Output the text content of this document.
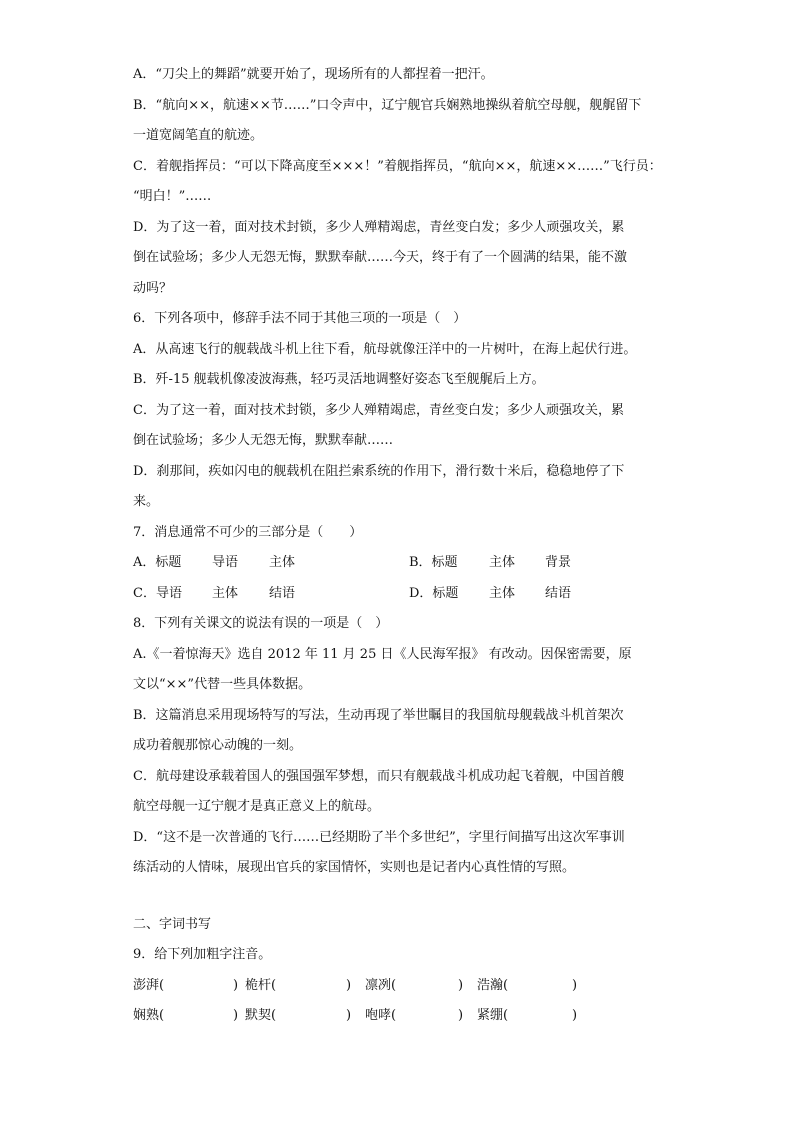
A．“刀尖上的舞蹈”就要开始了，现场所有的人都捏着一把汗。
B．“航向××，航速××节……”口令声中，辽宁舰官兵娴熟地操纵着航空母舰，舰艉留下
一道宽阔笔直的航迹。
C．着舰指挥员：“可以下降高度至×××！”着舰指挥员，“航向××，航速××……”飞行员：
“明白！”……
D．为了这一着，面对技术封锁，多少人殚精竭虑，青丝变白发；多少人顽强攻关，累
倒在试验场；多少人无怨无悔，默默奉献……今天，终于有了一个圆满的结果，能不激
动吗？
6．下列各项中，修辞手法不同于其他三项的一项是（　）
A．从高速飞行的舰载战斗机上往下看，航母就像汪洋中的一片树叶，在海上起伏行进。
B．歼-15 舰载机像凌波海燕，轻巧灵活地调整好姿态飞至舰艉后上方。
C．为了这一着，面对技术封锁，多少人殚精竭虑，青丝变白发；多少人顽强攻关，累
倒在试验场；多少人无怨无悔，默默奉献……
D．刹那间，疾如闪电的舰载机在阻拦索系统的作用下，滑行数十米后，稳稳地停了下
来。
7．消息通常不可少的三部分是（　　）
A．标题 导语 主体	B．标题 主体 背景
C．导语 主体 结语	D．标题 主体 结语
8．下列有关课文的说法有误的一项是（　）
A.《一着惊海天》选自 2012 年 11 月 25 日《人民海军报》 有改动。因保密需要，原
文以“××”代替一些具体数据。
B．这篇消息采用现场特写的写法，生动再现了举世瞩目的我国航母舰载战斗机首架次
成功着舰那惊心动魄的一刻。
C．航母建设承载着国人的强国强军梦想，而只有舰载战斗机成功起飞着舰，中国首艘
航空母舰一辽宁舰才是真正意义上的航母。
D．“这不是一次普通的飞行……已经期盼了半个多世纪”，字里行间描写出这次军事训
练活动的人情味，展现出官兵的家国情怀，实则也是记者内心真性情的写照。
二、字词书写
9．给下列加粗字注音。
澎湃(	) 桅杆(	) 凛冽(	) 浩瀚(	)
娴熟(	) 默契(	) 咆哮(	) 紧绷(	)
